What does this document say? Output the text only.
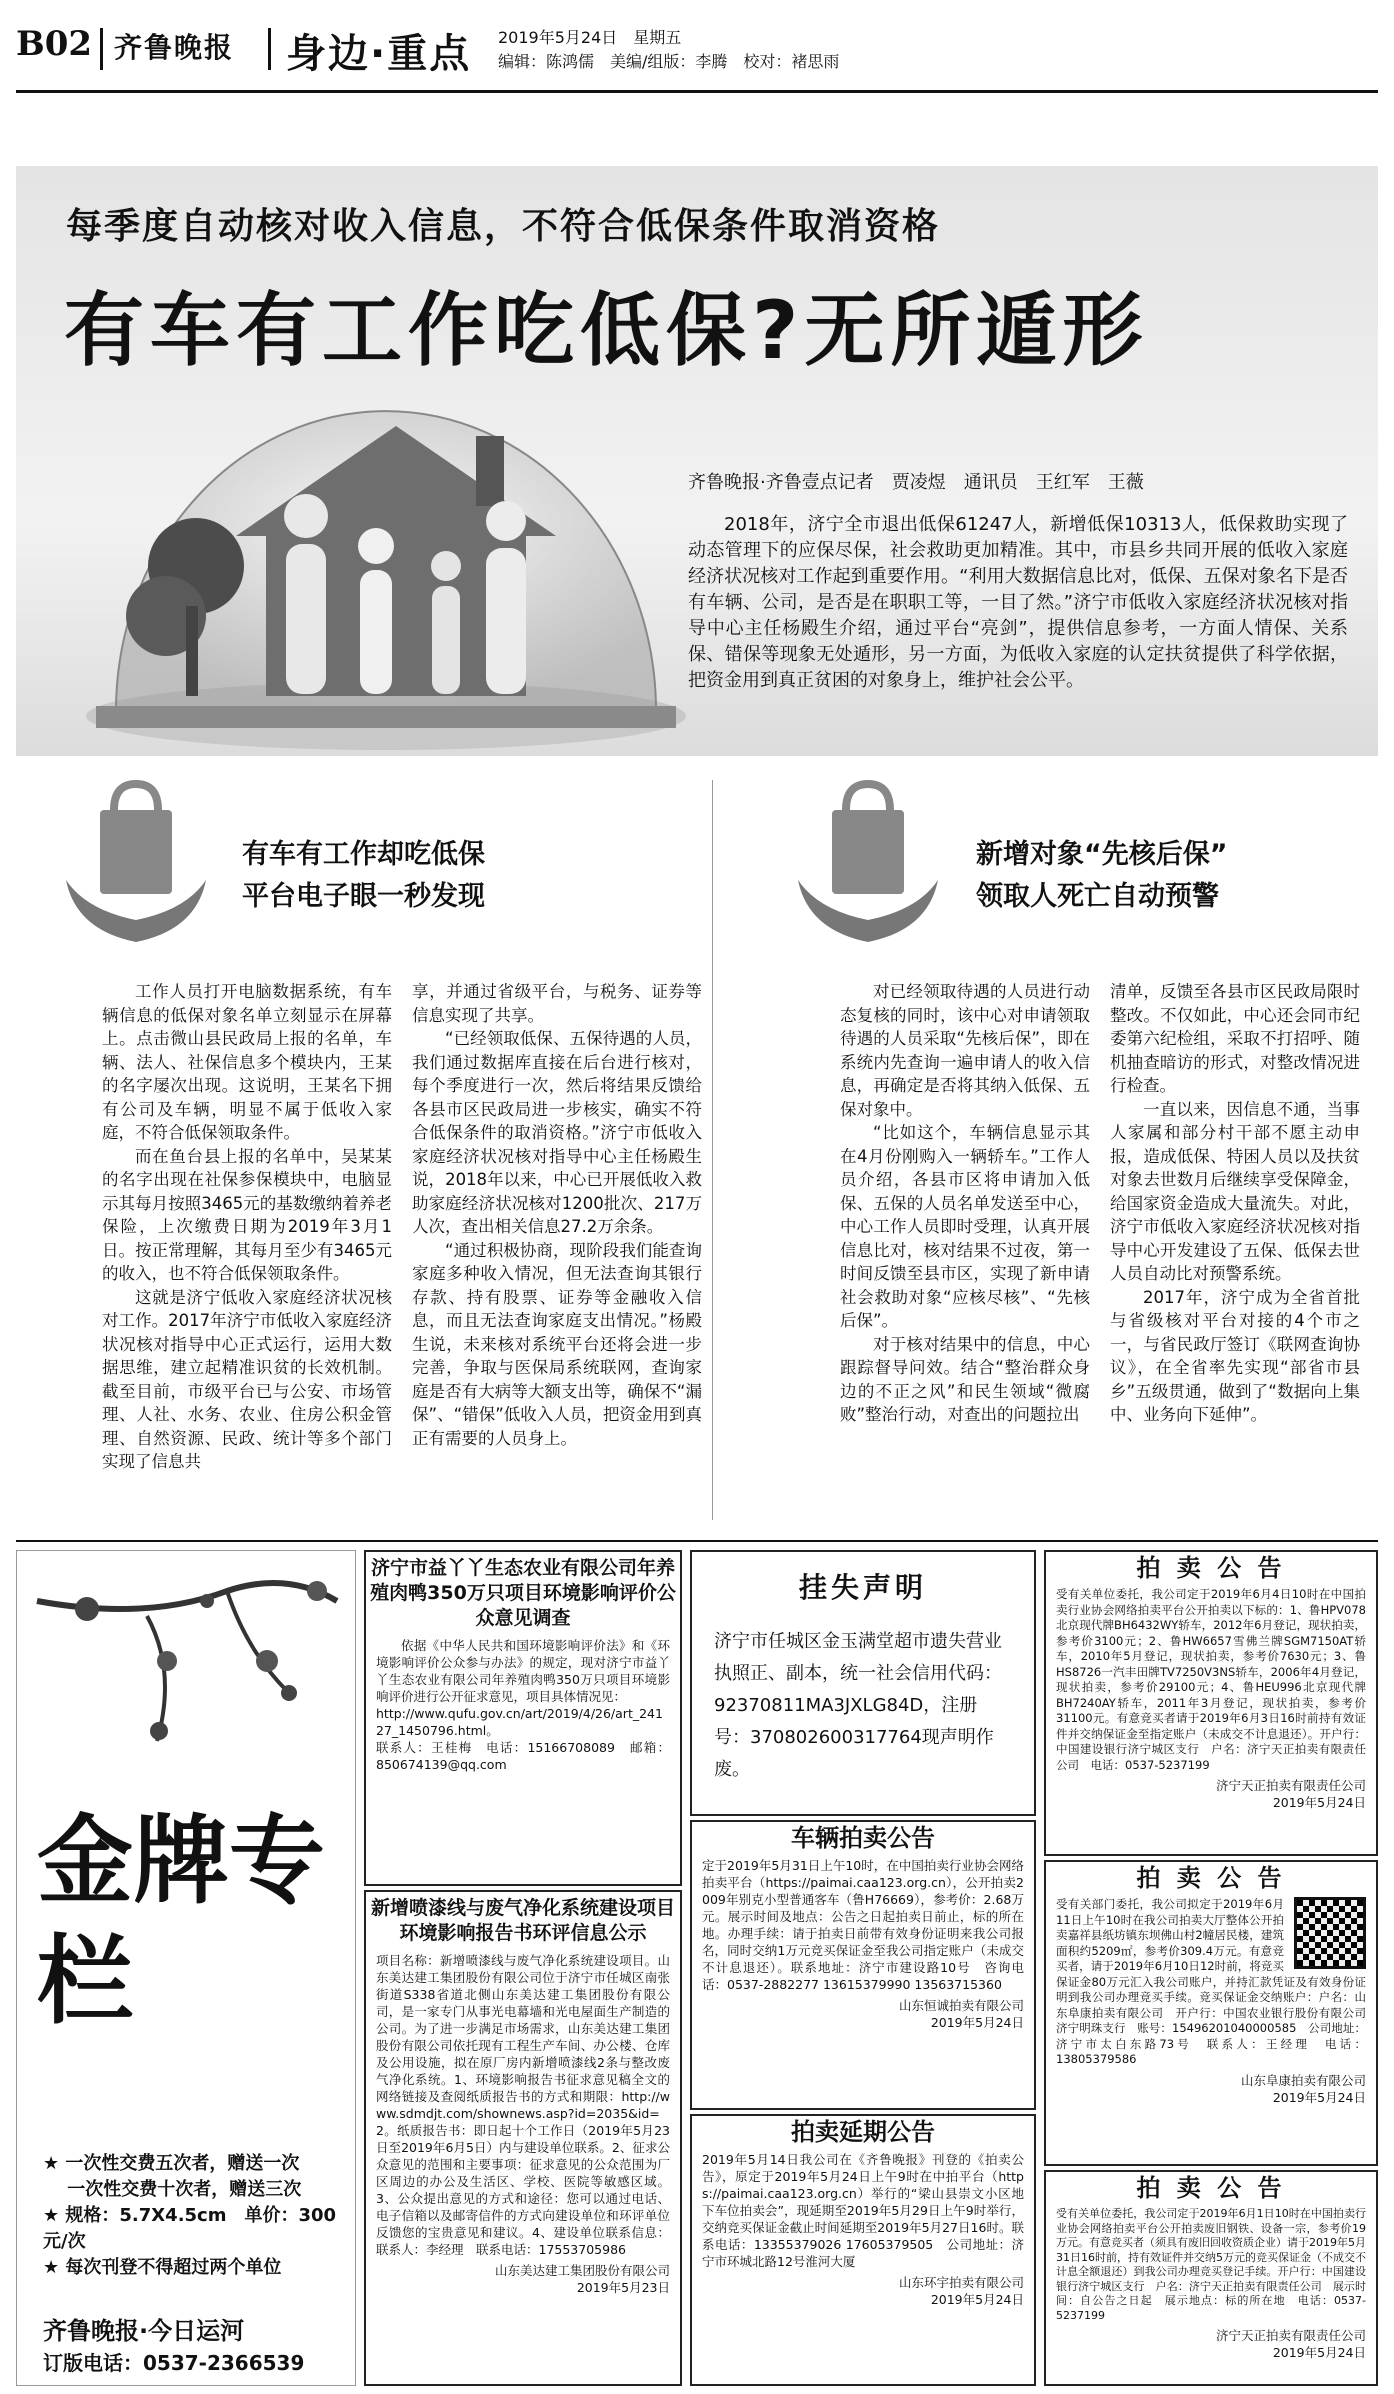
B02 齐鲁晚报 身边·重点 2019年5月24日　星期五
编辑：陈鸿儒　美编/组版：李腾　校对：褚思雨
每季度自动核对收入信息，不符合低保条件取消资格
有车有工作吃低保?无所遁形
齐鲁晚报·齐鲁壹点记者　贾凌煜　通讯员　王红军　王薇
2018年，济宁全市退出低保61247人，新增低保10313人，低保救助实现了动态管理下的应保尽保，社会救助更加精准。其中，市县乡共同开展的低收入家庭经济状况核对工作起到重要作用。“利用大数据信息比对，低保、五保对象名下是否有车辆、公司，是否是在职职工等，一目了然。”济宁市低收入家庭经济状况核对指导中心主任杨殿生介绍，通过平台“亮剑”，提供信息参考，一方面人情保、关系保、错保等现象无处遁形，另一方面，为低收入家庭的认定扶贫提供了科学依据，把资金用到真正贫困的对象身上，维护社会公平。
有车有工作却吃低保
平台电子眼一秒发现

工作人员打开电脑数据系统，有车辆信息的低保对象名单立刻显示在屏幕上。点击微山县民政局上报的名单，车辆、法人、社保信息多个模块内，王某的名字屡次出现。这说明，王某名下拥有公司及车辆，明显不属于低收入家庭，不符合低保领取条件。

而在鱼台县上报的名单中，吴某某的名字出现在社保参保模块中，电脑显示其每月按照3465元的基数缴纳着养老保险，上次缴费日期为2019年3月1日。按正常理解，其每月至少有3465元的收入，也不符合低保领取条件。

这就是济宁低收入家庭经济状况核对工作。2017年济宁市低收入家庭经济状况核对指导中心正式运行，运用大数据思维，建立起精准识贫的长效机制。截至目前，市级平台已与公安、市场管理、人社、水务、农业、住房公积金管理、自然资源、民政、统计等多个部门实现了信息共

享，并通过省级平台，与税务、证券等信息实现了共享。

“已经领取低保、五保待遇的人员，我们通过数据库直接在后台进行核对，每个季度进行一次，然后将结果反馈给各县市区民政局进一步核实，确实不符合低保条件的取消资格。”济宁市低收入家庭经济状况核对指导中心主任杨殿生说，2018年以来，中心已开展低收入救助家庭经济状况核对1200批次、217万人次，查出相关信息27.2万余条。

“通过积极协商，现阶段我们能查询家庭多种收入情况，但无法查询其银行存款、持有股票、证券等金融收入信息，而且无法查询家庭支出情况。”杨殿生说，未来核对系统平台还将会进一步完善，争取与医保局系统联网，查询家庭是否有大病等大额支出等，确保不“漏保”、“错保”低收入人员，把资金用到真正有需要的人员身上。

新增对象“先核后保”
领取人死亡自动预警

对已经领取待遇的人员进行动态复核的同时，该中心对申请领取待遇的人员采取“先核后保”，即在系统内先查询一遍申请人的收入信息，再确定是否将其纳入低保、五保对象中。

“比如这个，车辆信息显示其在4月份刚购入一辆轿车。”工作人员介绍，各县市区将申请加入低保、五保的人员名单发送至中心，中心工作人员即时受理，认真开展信息比对，核对结果不过夜，第一时间反馈至县市区，实现了新申请社会救助对象“应核尽核”、“先核后保”。

对于核对结果中的信息，中心跟踪督导问效。结合“整治群众身边的不正之风”和民生领域“微腐败”整治行动，对查出的问题拉出

清单，反馈至各县市区民政局限时整改。不仅如此，中心还会同市纪委第六纪检组，采取不打招呼、随机抽查暗访的形式，对整改情况进行检查。

一直以来，因信息不通，当事人家属和部分村干部不愿主动申报，造成低保、特困人员以及扶贫对象去世数月后继续享受保障金，给国家资金造成大量流失。对此，济宁市低收入家庭经济状况核对指导中心开发建设了五保、低保去世人员自动比对预警系统。

2017年，济宁成为全省首批与省级核对平台对接的4个市之一，与省民政厅签订《联网查询协议》，在全省率先实现“部省市县乡”五级贯通，做到了“数据向上集中、业务向下延伸”。

金牌专栏
★ 一次性交费五次者，赠送一次
　 一次性交费十次者，赠送三次
★ 规格：5.7X4.5cm　单价：300元/次
★ 每次刊登不得超过两个单位
齐鲁晚报·今日运河
订版电话：0537-2366539
济宁市益丫丫生态农业有限公司年养殖肉鸭350万只项目环境影响评价公众意见调查

依据《中华人民共和国环境影响评价法》和《环境影响评价公众参与办法》的规定，现对济宁市益丫丫生态农业有限公司年养殖肉鸭350万只项目环境影响评价进行公开征求意见，项目具体情况见：

http://www.qufu.gov.cn/art/2019/4/26/art_24127_1450796.html。
联系人：王桂梅　电话：15166708089　邮箱：850674139@qq.com
新增喷漆线与废气净化系统建设项目环境影响报告书环评信息公示
项目名称：新增喷漆线与废气净化系统建设项目。山东美达建工集团股份有限公司位于济宁市任城区南张街道S338省道北侧山东美达建工集团股份有限公司，是一家专门从事光电幕墙和光电屋面生产制造的公司。为了进一步满足市场需求，山东美达建工集团股份有限公司依托现有工程生产车间、办公楼、仓库及公用设施，拟在原厂房内新增喷漆线2条与整改废气净化系统。1、环境影响报告书征求意见稿全文的网络链接及查阅纸质报告书的方式和期限：http://www.sdmdjt.com/shownews.asp?id=2035&id=2。纸质报告书：即日起十个工作日（2019年5月23日至2019年6月5日）内与建设单位联系。2、征求公众意见的范围和主要事项：征求意见的公众范围为厂区周边的办公及生活区、学校、医院等敏感区域。3、公众提出意见的方式和途径：您可以通过电话、电子信箱以及邮寄信件的方式向建设单位和环评单位反馈您的宝贵意见和建议。4、建设单位联系信息：联系人：李经理　联系电话：17553705986
山东美达建工集团股份有限公司
2019年5月23日
挂失声明
济宁市任城区金玉满堂超市遗失营业执照正、副本，统一社会信用代码：92370811MA3JXLG84D，注册号：370802600317764现声明作废。
车辆拍卖公告
定于2019年5月31日上午10时，在中国拍卖行业协会网络拍卖平台（https://paimai.caa123.org.cn），公开拍卖2009年别克小型普通客车（鲁H76669），参考价：2.68万元。展示时间及地点：公告之日起拍卖日前止，标的所在地。办理手续：请于拍卖日前带有效身份证明来我公司报名，同时交纳1万元竞买保证金至我公司指定账户（未成交不计息退还）。联系地址：济宁市建设路10号　咨询电话：0537-2882277 13615379990 13563715360
山东恒诚拍卖有限公司
2019年5月24日
拍卖延期公告
2019年5月14日我公司在《齐鲁晚报》刊登的《拍卖公告》，原定于2019年5月24日上午9时在中拍平台（https://paimai.caa123.org.cn）举行的“梁山县崇文小区地下车位拍卖会”，现延期至2019年5月29日上午9时举行，交纳竞买保证金截止时间延期至2019年5月27日16时。联系电话：13355379026 17605379505　公司地址：济宁市环城北路12号淮河大厦
山东环宇拍卖有限公司
2019年5月24日
拍 卖 公 告
受有关单位委托，我公司定于2019年6月4日10时在中国拍卖行业协会网络拍卖平台公开拍卖以下标的：1、鲁HPV078北京现代牌BH6432WY轿车，2012年6月登记，现状拍卖，参考价3100元；2、鲁HW6657雪佛兰牌SGM7150AT轿车，2010年5月登记，现状拍卖，参考价7630元；3、鲁HS8726一汽丰田牌TV7250V3NS轿车，2006年4月登记，现状拍卖，参考价29100元；4、鲁HEU996北京现代牌BH7240AY轿车，2011年3月登记，现状拍卖，参考价31100元。有意竞买者请于2019年6月3日16时前持有效证件并交纳保证金至指定账户（未成交不计息退还）。开户行：中国建设银行济宁城区支行　户名：济宁天正拍卖有限责任公司　电话：0537-5237199
济宁天正拍卖有限责任公司
2019年5月24日
拍 卖 公 告
受有关部门委托，我公司拟定于2019年6月11日上午10时在我公司拍卖大厅整体公开拍卖嘉祥县纸坊镇东坝佛山村2幢居民楼，建筑面积约5209㎡，参考价309.4万元。有意竞买者，请于2019年6月10日12时前，将竞买保证金80万元汇入我公司账户，并持汇款凭证及有效身份证明到我公司办理竞买手续。竞买保证金交纳账户：户名：山东阜康拍卖有限公司　开户行：中国农业银行股份有限公司济宁明珠支行　账号：15496201040000585　公司地址：济宁市太白东路73号　联系人：王经理　电话：13805379586
山东阜康拍卖有限公司
2019年5月24日
拍 卖 公 告
受有关单位委托，我公司定于2019年6月1日10时在中国拍卖行业协会网络拍卖平台公开拍卖废旧钢铁、设备一宗，参考价19万元。有意竞买者（须具有废旧回收资质企业）请于2019年5月31日16时前，持有效证件并交纳5万元的竞买保证金（不成交不计息全额退还）到我公司办理竞买登记手续。开户行：中国建设银行济宁城区支行　户名：济宁天正拍卖有限责任公司　展示时间：自公告之日起　展示地点：标的所在地　电话：0537-5237199
济宁天正拍卖有限责任公司
2019年5月24日
